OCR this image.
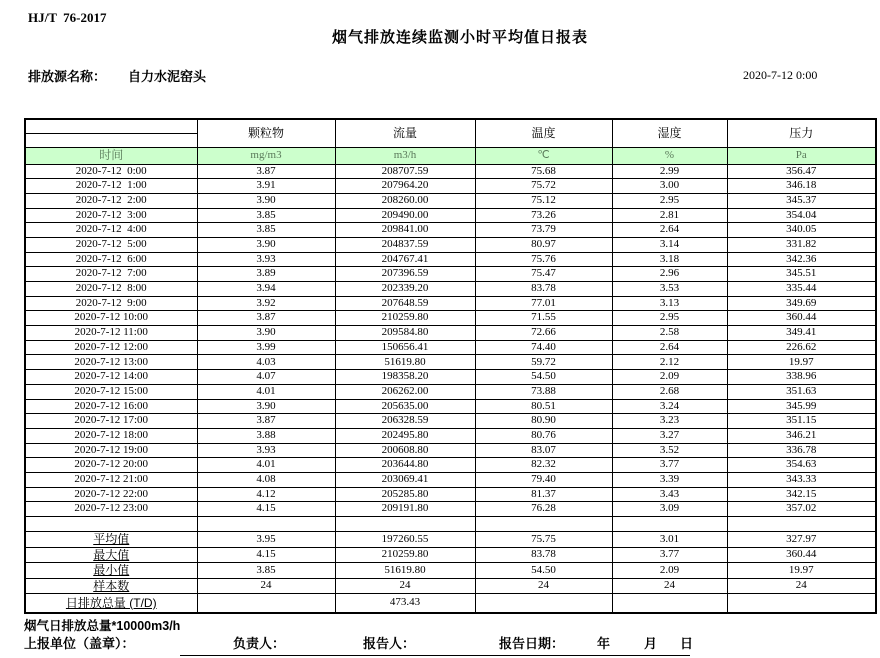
HJ/T  76-2017
烟气排放连续监测小时平均值日报表
排放源名称： 自力水泥窑头	2020-7-12 0:00
	颗粒物	流量	温度	湿度	压力

时间	mg/m3	m3/h	℃	%	Pa
2020-7-12  0:00	3.87	208707.59	75.68	2.99	356.47
2020-7-12  1:00	3.91	207964.20	75.72	3.00	346.18
2020-7-12  2:00	3.90	208260.00	75.12	2.95	345.37
2020-7-12  3:00	3.85	209490.00	73.26	2.81	354.04
2020-7-12  4:00	3.85	209841.00	73.79	2.64	340.05
2020-7-12  5:00	3.90	204837.59	80.97	3.14	331.82
2020-7-12  6:00	3.93	204767.41	75.76	3.18	342.36
2020-7-12  7:00	3.89	207396.59	75.47	2.96	345.51
2020-7-12  8:00	3.94	202339.20	83.78	3.53	335.44
2020-7-12  9:00	3.92	207648.59	77.01	3.13	349.69
2020-7-12 10:00	3.87	210259.80	71.55	2.95	360.44
2020-7-12 11:00	3.90	209584.80	72.66	2.58	349.41
2020-7-12 12:00	3.99	150656.41	74.40	2.64	226.62
2020-7-12 13:00	4.03	51619.80	59.72	2.12	19.97
2020-7-12 14:00	4.07	198358.20	54.50	2.09	338.96
2020-7-12 15:00	4.01	206262.00	73.88	2.68	351.63
2020-7-12 16:00	3.90	205635.00	80.51	3.24	345.99
2020-7-12 17:00	3.87	206328.59	80.90	3.23	351.15
2020-7-12 18:00	3.88	202495.80	80.76	3.27	346.21
2020-7-12 19:00	3.93	200608.80	83.07	3.52	336.78
2020-7-12 20:00	4.01	203644.80	82.32	3.77	354.63
2020-7-12 21:00	4.08	203069.41	79.40	3.39	343.33
2020-7-12 22:00	4.12	205285.80	81.37	3.43	342.15
2020-7-12 23:00	4.15	209191.80	76.28	3.09	357.02

平均值	3.95	197260.55	75.75	3.01	327.97
最大值	4.15	210259.80	83.78	3.77	360.44
最小值	3.85	51619.80	54.50	2.09	19.97
样本数	24	24	24	24	24
日排放总量 (T/D)		473.43			
烟气日排放总量*10000m3/h
上报单位（盖章）：	负责人：	报告人：	报告日期：	年	月 日
